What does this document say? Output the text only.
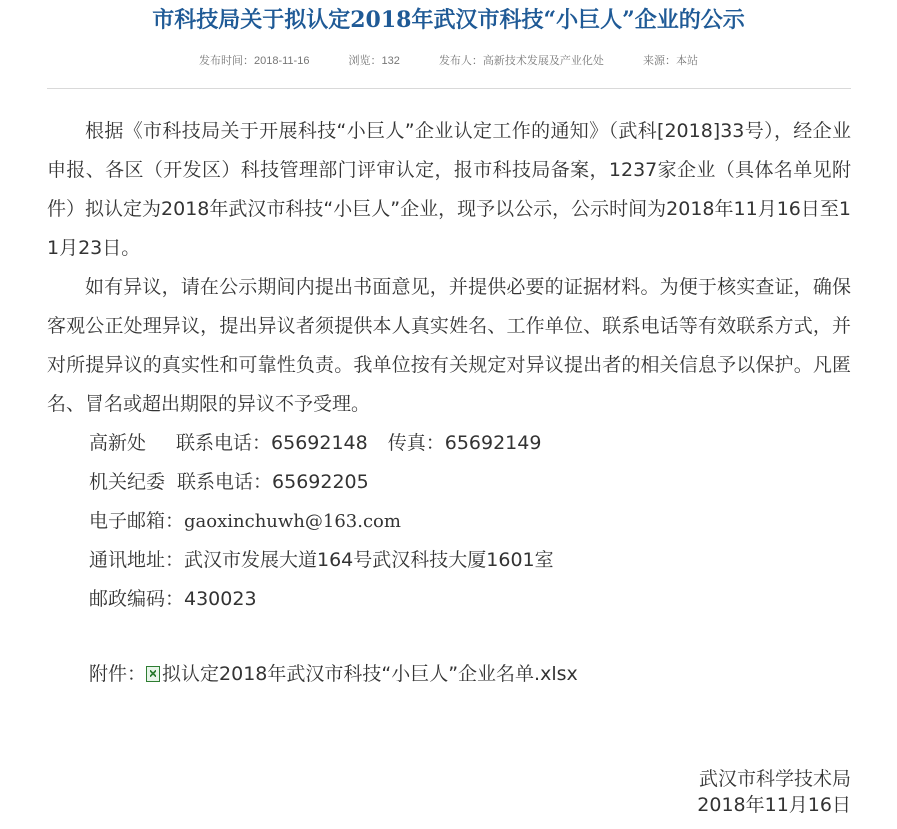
市科技局关于拟认定2018年武汉市科技“小巨人”企业的公示
发布时间：2018-11-16	浏览：132	发布人：高新技术发展及产业化处	来源：本站

根据《市科技局关于开展科技“小巨人”企业认定工作的通知》（武科[2018]33号），经企业申报、各区（开发区）科技管理部门评审认定，报市科技局备案，1237家企业（具体名单见附件）拟认定为2018年武汉市科技“小巨人”企业，现予以公示，公示时间为2018年11月16日至11月23日。

如有异议，请在公示期间内提出书面意见，并提供必要的证据材料。为便于核实查证，确保客观公正处理异议，提出异议者须提供本人真实姓名、工作单位、联系电话等有效联系方式，并对所提异议的真实性和可靠性负责。我单位按有关规定对异议提出者的相关信息予以保护。凡匿名、冒名或超出期限的异议不予受理。

高新处 联系电话：65692148 传真：65692149

机关纪委 联系电话：65692205

电子邮箱：gaoxinchuwh@163.com

通讯地址：武汉市发展大道164号武汉科技大厦1601室

邮政编码：430023

附件： 拟认定2018年武汉市科技“小巨人”企业名单.xlsx

武汉市科学技术局
2018年11月16日
